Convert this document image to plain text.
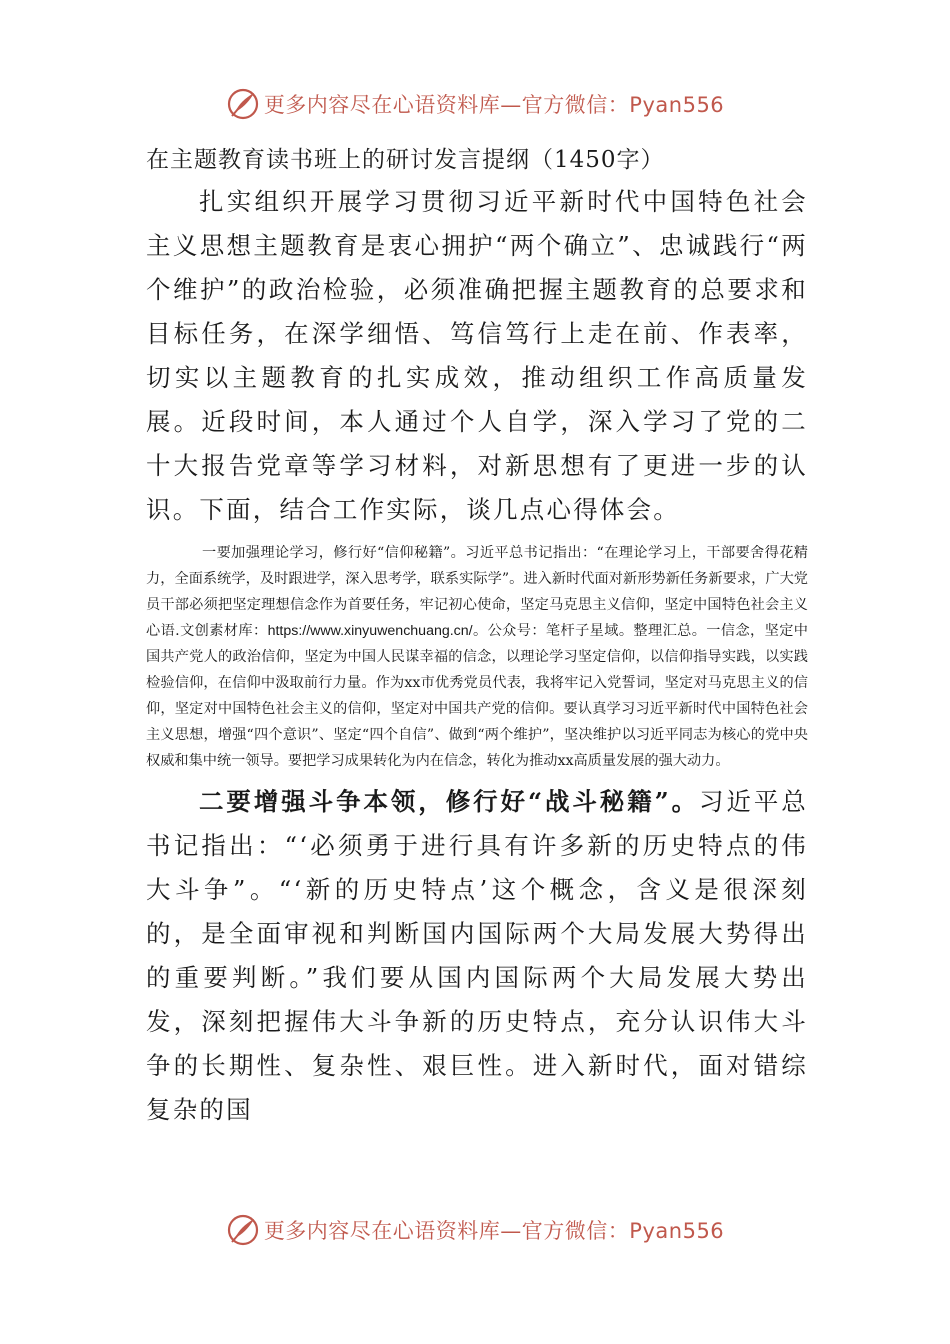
更多内容尽在心语资料库—官方微信：Pyan556

在主题教育读书班上的研讨发言提纲（1450字）

扎实组织开展学习贯彻习近平新时代中国特色社会主义思想主题教育是衷心拥护“两个确立”、忠诚践行“两个维护”的政治检验，必须准确把握主题教育的总要求和目标任务，在深学细悟、笃信笃行上走在前、作表率，切实以主题教育的扎实成效，推动组织工作高质量发展。近段时间，本人通过个人自学，深入学习了党的二十大报告党章等学习材料，对新思想有了更进一步的认识。下面，结合工作实际，谈几点心得体会。

一要加强理论学习，修行好“信仰秘籍”。习近平总书记指出：“在理论学习上，干部要舍得花精力，全面系统学，及时跟进学，深入思考学，联系实际学”。进入新时代面对新形势新任务新要求，广大党员干部必须把坚定理想信念作为首要任务，牢记初心使命，坚定马克思主义信仰，坚定中国特色社会主义心语.文创素材库：https://www.xinyuwenchuang.cn/。公众号：笔杆子星域。整理汇总。一信念，坚定中国共产党人的政治信仰，坚定为中国人民谋幸福的信念，以理论学习坚定信仰，以信仰指导实践，以实践检验信仰，在信仰中汲取前行力量。作为xx市优秀党员代表，我将牢记入党誓词，坚定对马克思主义的信仰，坚定对中国特色社会主义的信仰，坚定对中国共产党的信仰。要认真学习习近平新时代中国特色社会主义思想，增强“四个意识”、坚定“四个自信”、做到“两个维护”，坚决维护以习近平同志为核心的党中央权威和集中统一领导。要把学习成果转化为内在信念，转化为推动xx高质量发展的强大动力。

二要增强斗争本领，修行好“战斗秘籍”。习近平总书记指出：“‘必须勇于进行具有许多新的历史特点的伟大斗争”。“‘新的历史特点’这个概念，含义是很深刻的，是全面审视和判断国内国际两个大局发展大势得出的重要判断。”我们要从国内国际两个大局发展大势出发，深刻把握伟大斗争新的历史特点，充分认识伟大斗争的长期性、复杂性、艰巨性。进入新时代，面对错综复杂的国

更多内容尽在心语资料库—官方微信：Pyan556
